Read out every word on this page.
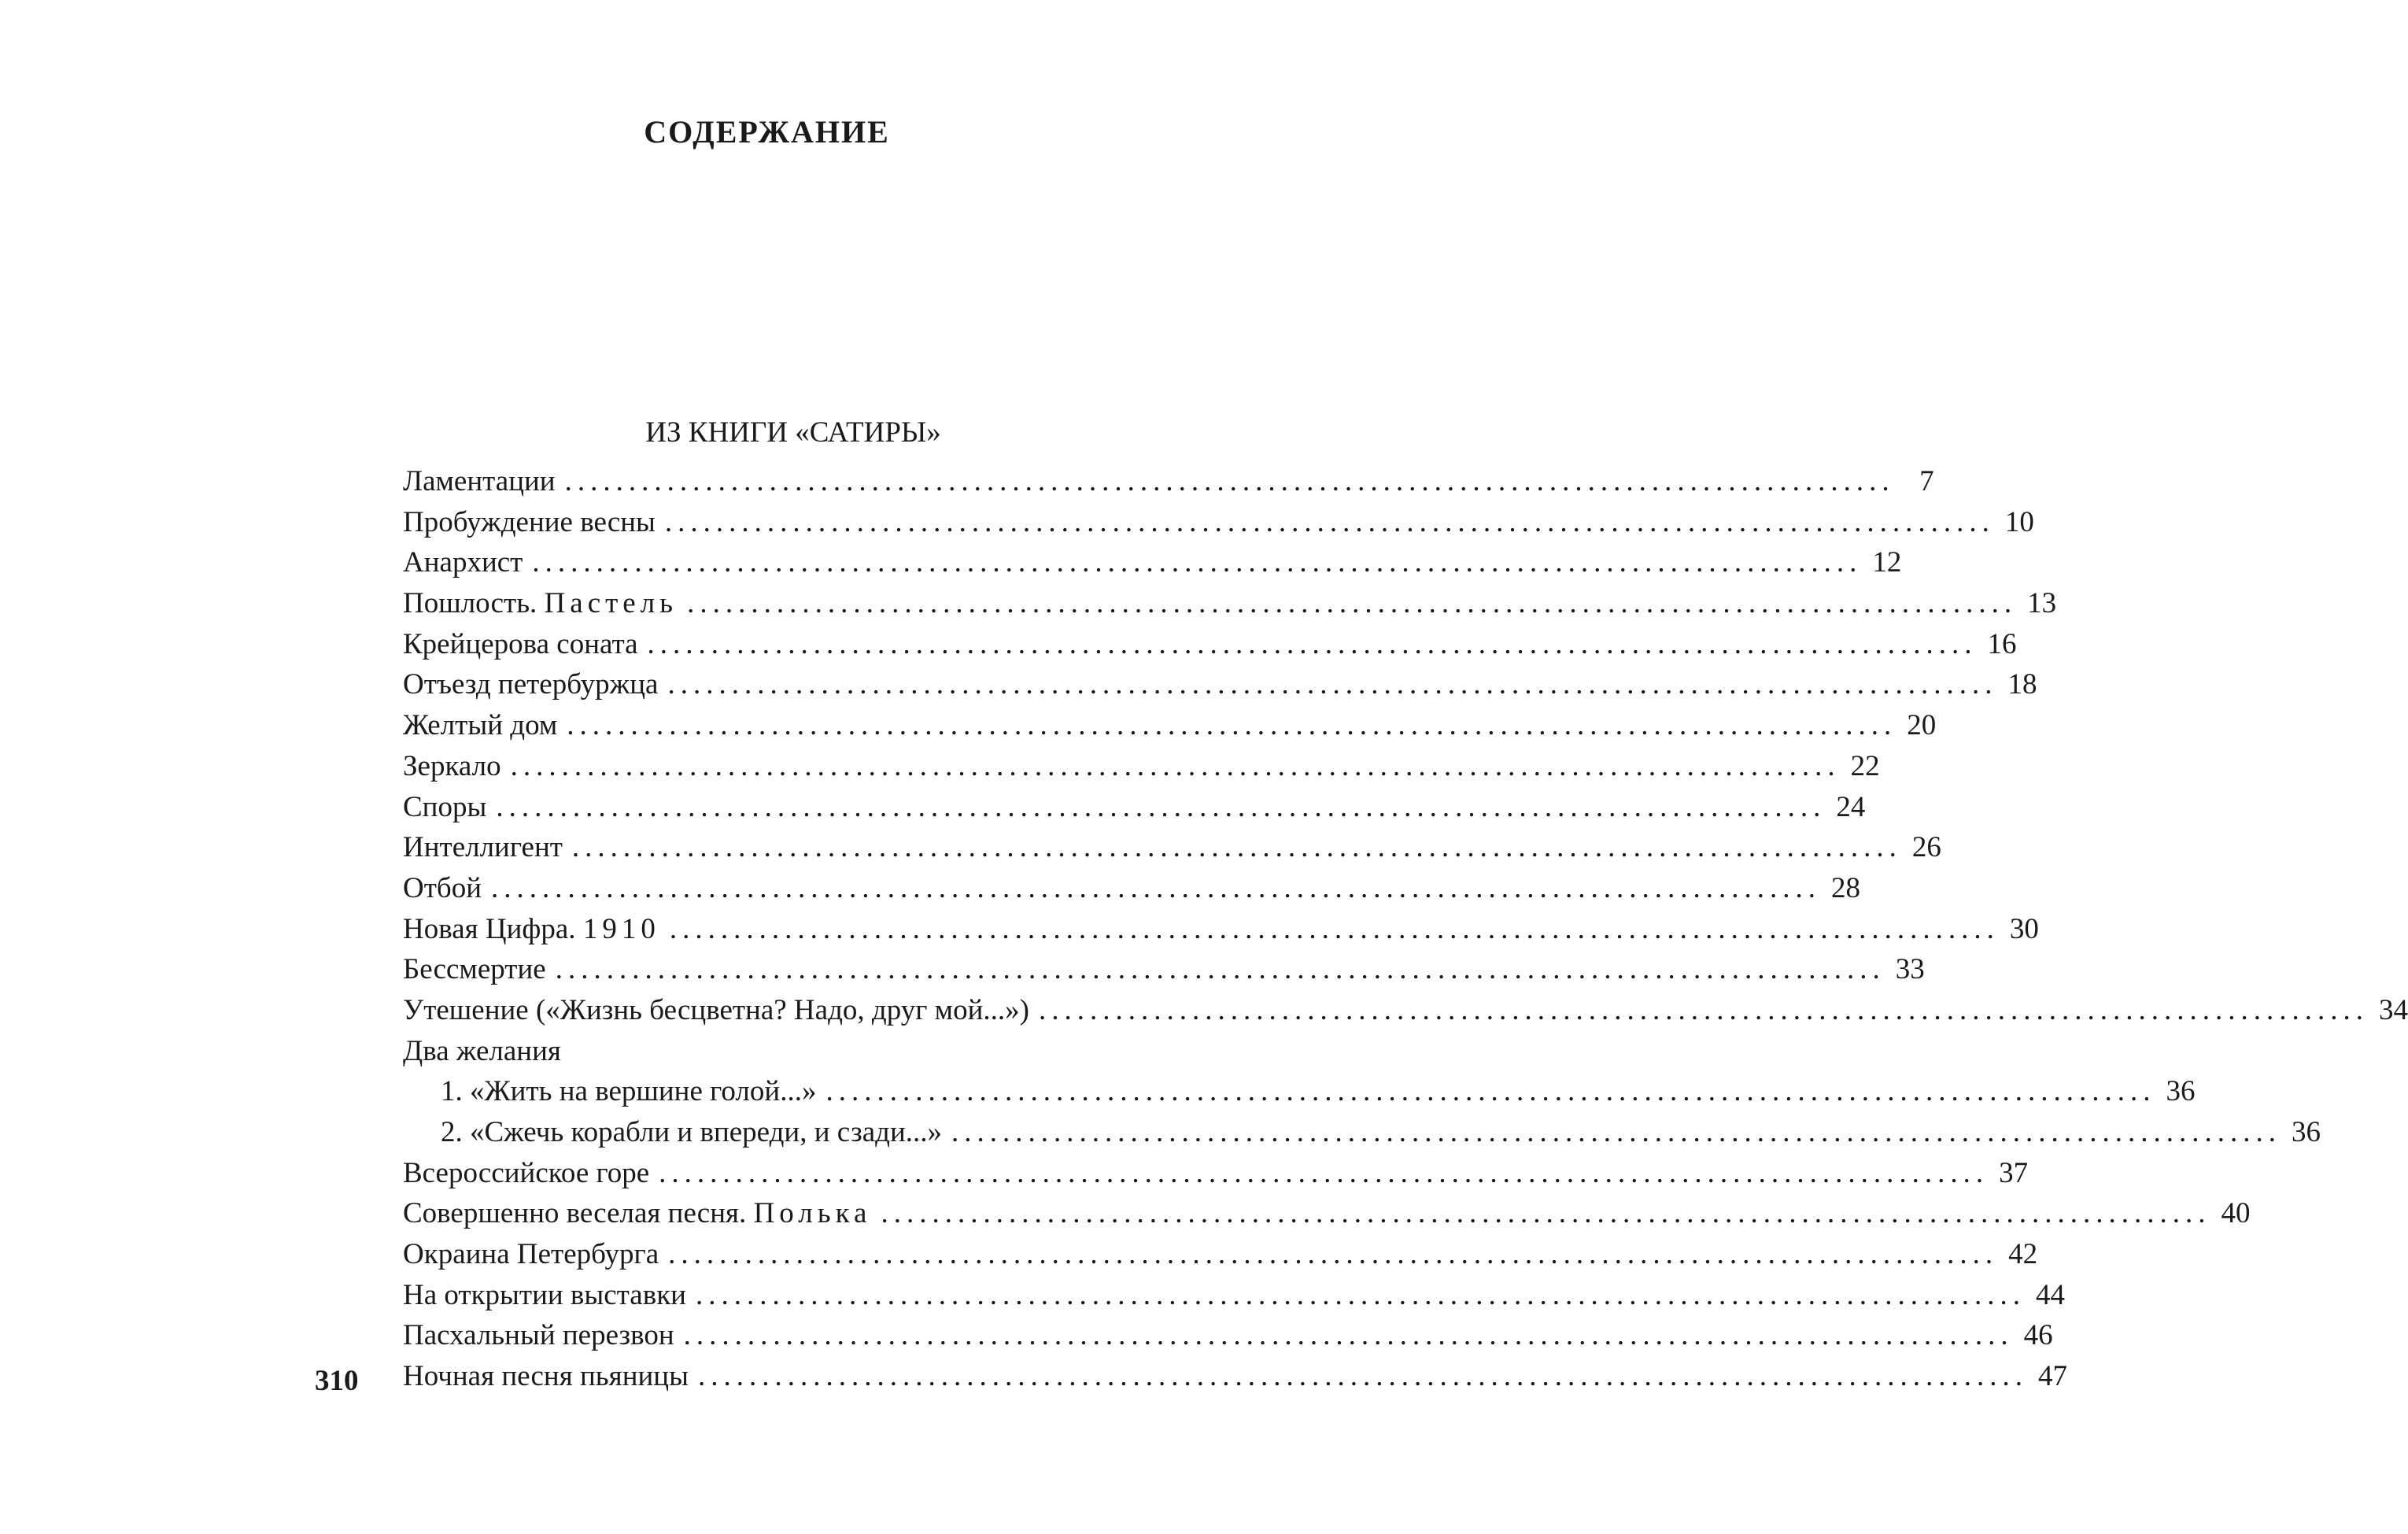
СОДЕРЖАНИЕ
ИЗ КНИГИ «САТИРЫ»
Ламентации ........................................................................................................ 7
Пробуждение весны ........................................................................................................ 10
Анархист ........................................................................................................ 12
Пошлость. Пастель ........................................................................................................ 13
Крейцерова соната ........................................................................................................ 16
Отъезд петербуржца ........................................................................................................ 18
Желтый дом ........................................................................................................ 20
Зеркало ........................................................................................................ 22
Споры ........................................................................................................ 24
Интеллигент ........................................................................................................ 26
Отбой ........................................................................................................ 28
Новая Цифра. 1910 ........................................................................................................ 30
Бессмертие ........................................................................................................ 33
Утешение («Жизнь бесцветна? Надо, друг мой...») ........................................................................................................ 34
Два желания
1. «Жить на вершине голой...» ........................................................................................................ 36
2. «Сжечь корабли и впереди, и сзади...» ........................................................................................................ 36
Всероссийское горе ........................................................................................................ 37
Совершенно веселая песня. Полька ........................................................................................................ 40
Окраина Петербурга ........................................................................................................ 42
На открытии выставки ........................................................................................................ 44
Пасхальный перезвон ........................................................................................................ 46
Ночная песня пьяницы ........................................................................................................ 47
310
